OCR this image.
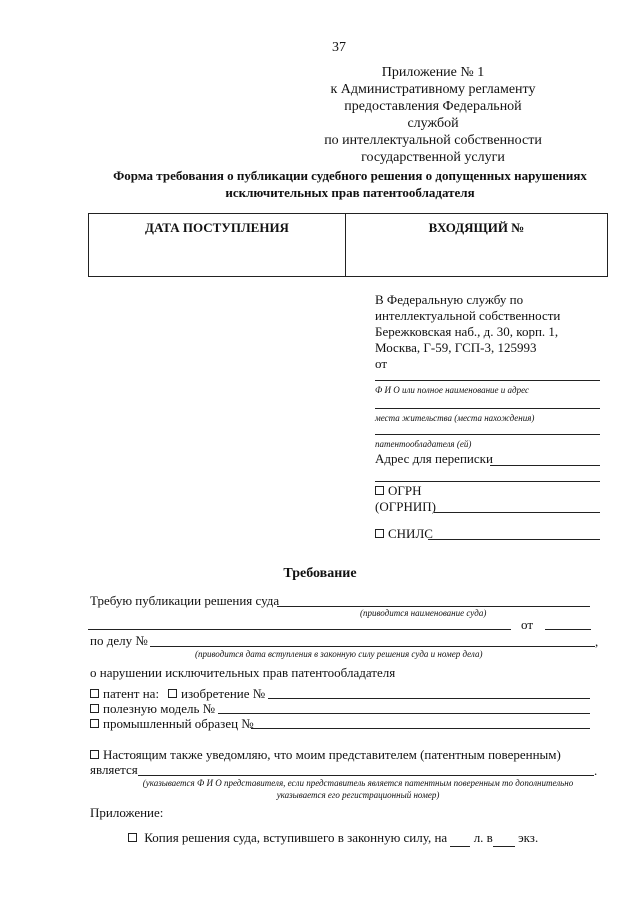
37
Приложение № 1
к Административному регламенту
предоставления Федеральной службой
по интеллектуальной собственности
государственной услуги
Форма требования о публикации судебного решения о допущенных нарушениях
исключительных прав патентообладателя
ДАТА ПОСТУПЛЕНИЯ	ВХОДЯЩИЙ №
В Федеральную службу по
интеллектуальной собственности
Бережковская наб., д. 30, корп. 1,
Москва, Г-59, ГСП-3, 125993
от
Ф И О или полное наименование и адрес
места жительства (места нахождения)
патентообладателя (ей)
Адрес для переписки
ОГРН
(ОГРНИП)
СНИЛС
Требование
Требую публикации решения суда
(приводится наименование суда)
от
по делу №	,
(приводится дата вступления в законную силу решения суда и номер дела)
о нарушении исключительных прав патентообладателя
патент на:	изобретение №
полезную модель №
промышленный образец №
Настоящим также уведомляю, что моим представителем (патентным поверенным)
является	.
(указывается Ф И О представителя, если представитель является патентным поверенным то дополнительно
указывается его регистрационный номер)
Приложение:
Копия решения суда, вступившего в законную силу, на л. в экз.
